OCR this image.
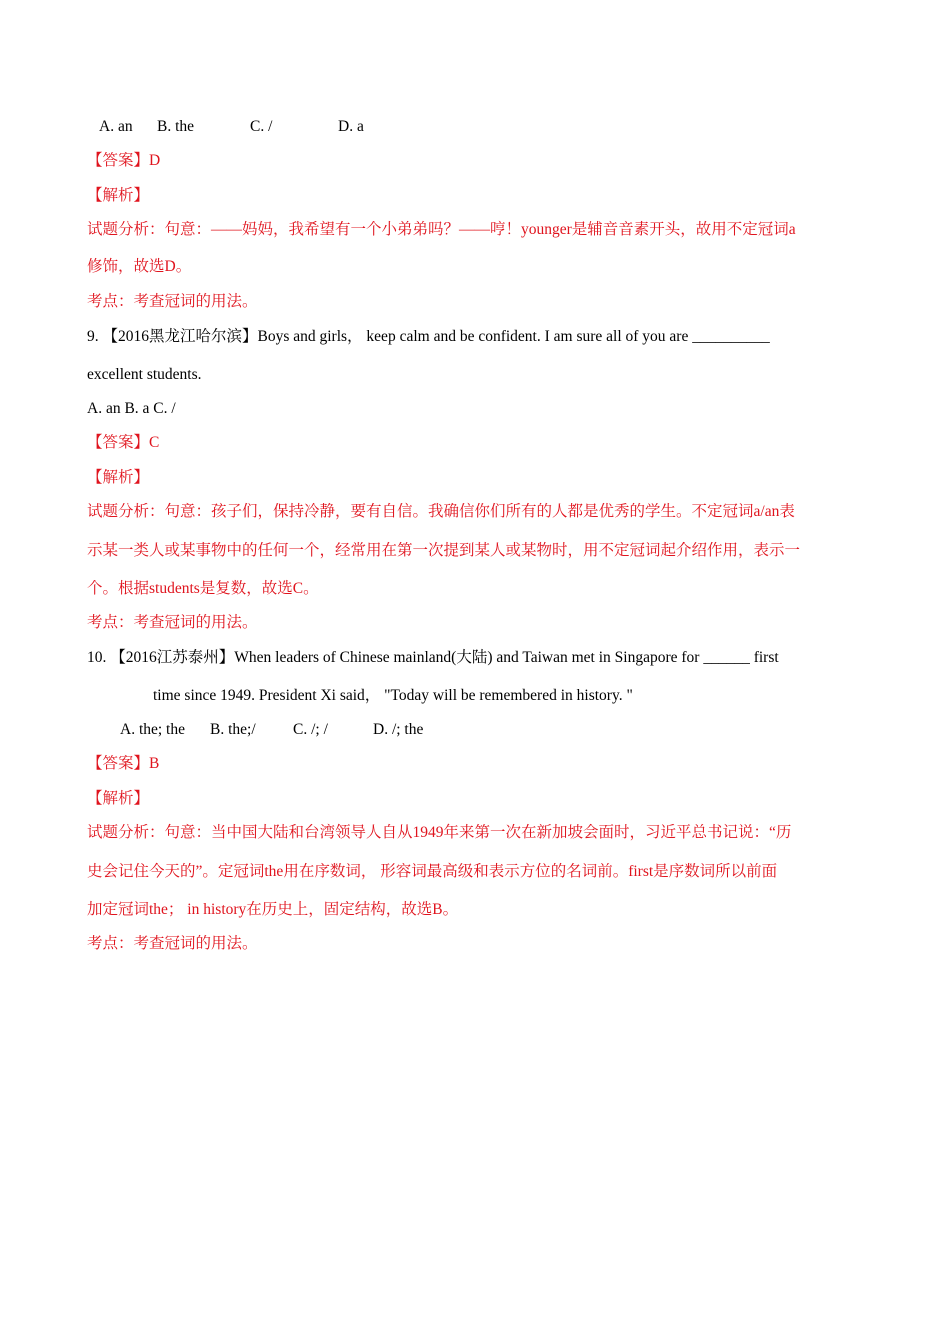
A. an B. the	C. /	D. a
【答案】D
【解析】
试题分析：句意：——妈妈，我希望有一个小弟弟吗？——哼！younger是辅音音素开头，故用不定冠词a
修饰，故选D。
考点：考查冠词的用法。
9. 【2016黑龙江哈尔滨】Boys and girls， keep calm and be confident. I am sure all of you are __________
excellent students.
A. an B. a C. /
【答案】C
【解析】
试题分析：句意：孩子们，保持冷静，要有自信。我确信你们所有的人都是优秀的学生。不定冠词a/an表
示某一类人或某事物中的任何一个，经常用在第一次提到某人或某物时，用不定冠词起介绍作用，表示一
个。根据students是复数，故选C。
考点：考查冠词的用法。
10. 【2016江苏泰州】When leaders of Chinese mainland(大陆) and Taiwan met in Singapore for ______ first
time since 1949. President Xi said， "Today will be remembered in history. "
A. the; the B. the;/ C. /; /	D. /; the
【答案】B
【解析】
试题分析：句意：当中国大陆和台湾领导人自从1949年来第一次在新加坡会面时，习近平总书记说：“历
史会记住今天的”。定冠词the用在序数词， 形容词最高级和表示方位的名词前。first是序数词所以前面
加定冠词the； in history在历史上，固定结构，故选B。
考点：考查冠词的用法。
